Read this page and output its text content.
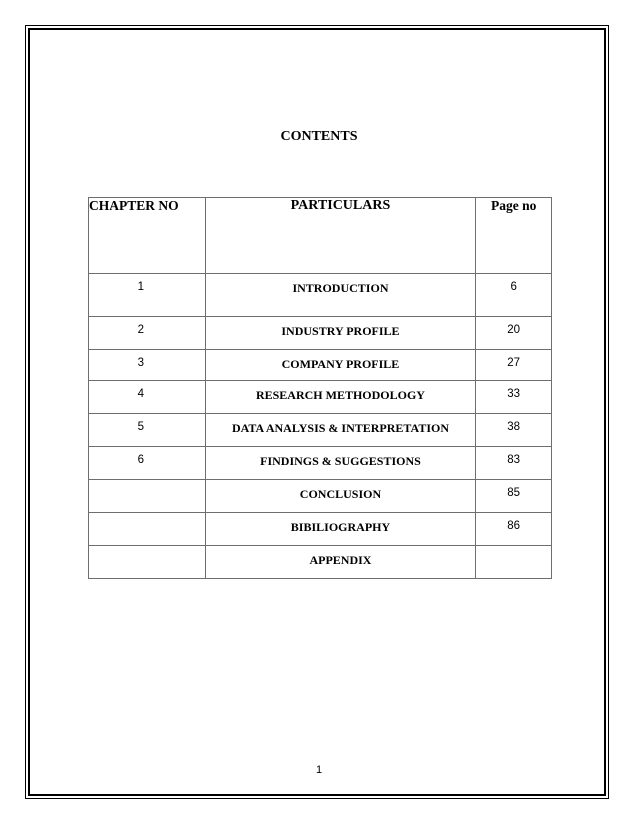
CONTENTS
CHAPTER NO	PARTICULARS	Page no
1	INTRODUCTION	6
2	INDUSTRY PROFILE	20
3	COMPANY PROFILE	27
4	RESEARCH METHODOLOGY	33
5	DATA ANALYSIS & INTERPRETATION	38
6	FINDINGS & SUGGESTIONS	83
	CONCLUSION	85
	BIBILIOGRAPHY	86
	APPENDIX	
1
